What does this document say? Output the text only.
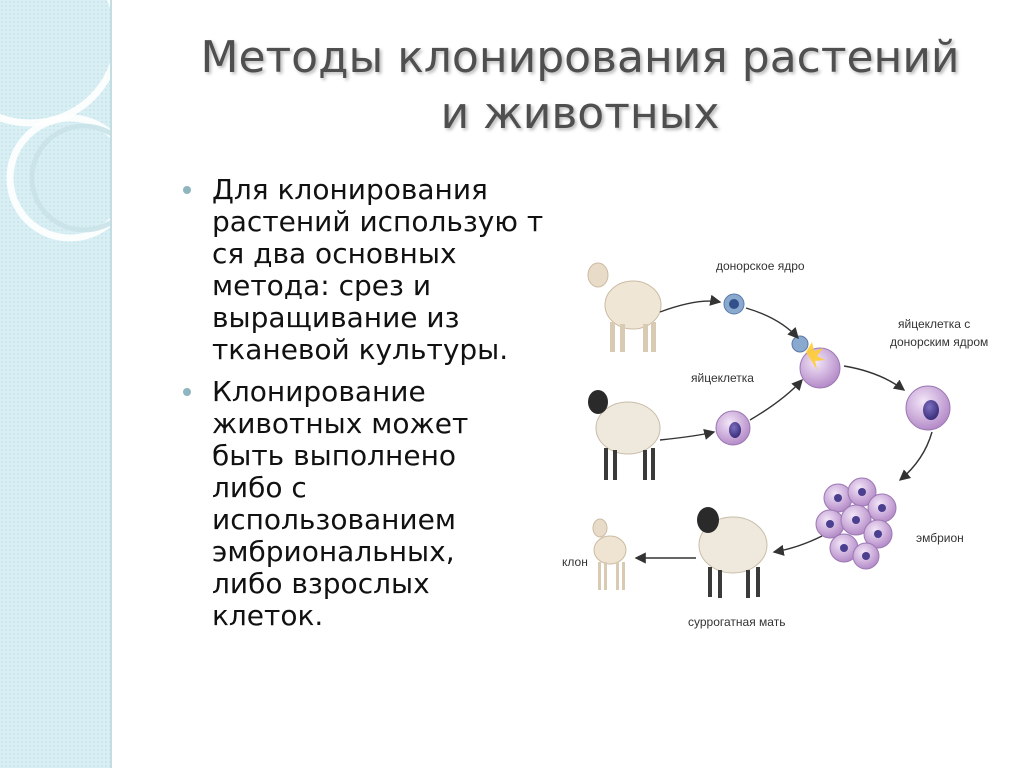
Методы клонирования растений
и животных
Для клонирования
растений использую т
ся два основных
метода: срез и
выращивание из
тканевой культуры.
Клонирование
животных может
быть выполнено
либо с
использованием
эмбриональных,
либо взрослых
клеток.
донорское ядро
яйцеклетка
яйцеклетка с
донорским ядром
эмбрион
суррогатная мать
клон
